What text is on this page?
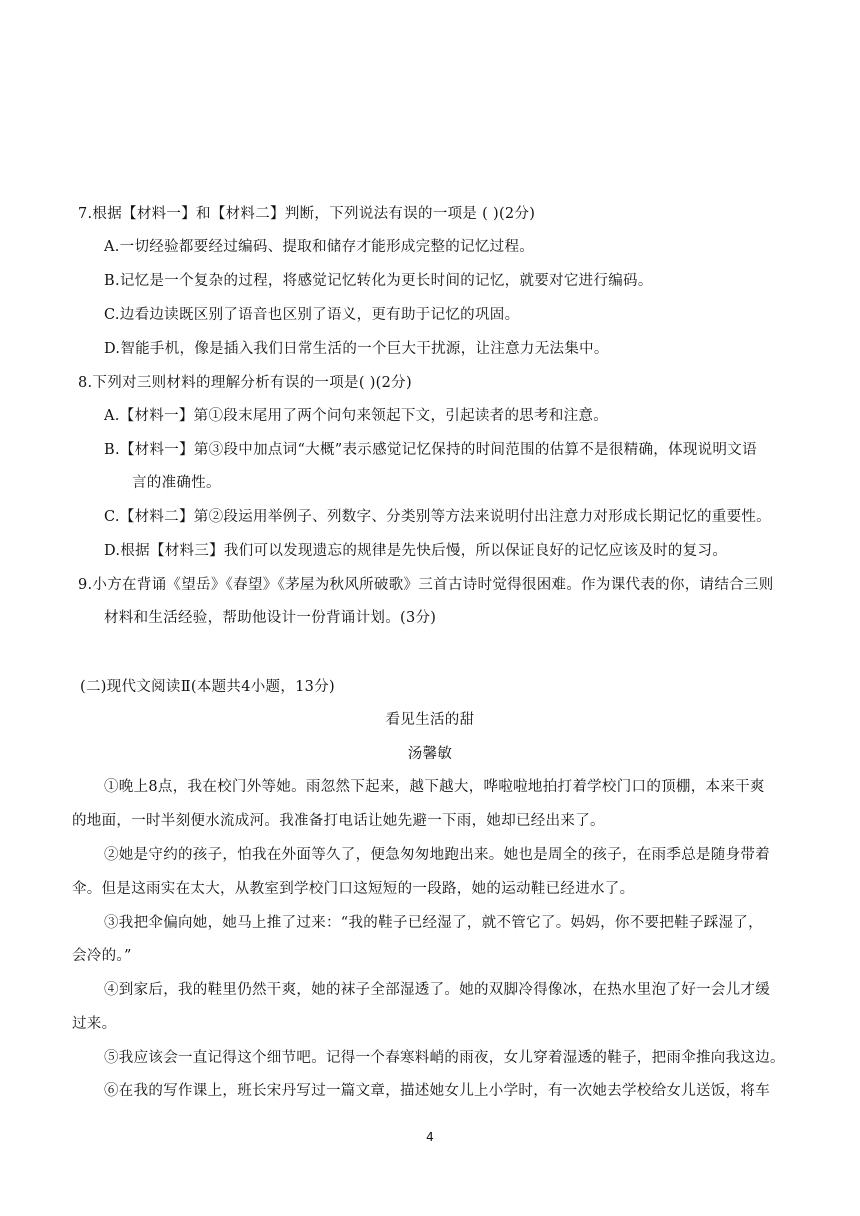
7.根据【材料一】和【材料二】判断，下列说法有误的一项是 ( )(2分)
A.一切经验都要经过编码、提取和储存才能形成完整的记忆过程。
B.记忆是一个复杂的过程，将感觉记忆转化为更长时间的记忆，就要对它进行编码。
C.边看边读既区别了语音也区别了语义，更有助于记忆的巩固。
D.智能手机，像是插入我们日常生活的一个巨大干扰源，让注意力无法集中。
8.下列对三则材料的理解分析有误的一项是( )(2分)
A.【材料一】第①段末尾用了两个问句来领起下文，引起读者的思考和注意。
B.【材料一】第③段中加点词“大概”表示感觉记忆保持的时间范围的估算不是很精确，体现说明文语
言的准确性。
C.【材料二】第②段运用举例子、列数字、分类别等方法来说明付出注意力对形成长期记忆的重要性。
D.根据【材料三】我们可以发现遗忘的规律是先快后慢，所以保证良好的记忆应该及时的复习。
9.小方在背诵《望岳》《春望》《茅屋为秋风所破歌》三首古诗时觉得很困难。作为课代表的你，请结合三则
材料和生活经验，帮助他设计一份背诵计划。(3分)
(二)现代文阅读Ⅱ(本题共4小题，13分)
看见生活的甜
汤馨敏
①晚上8点，我在校门外等她。雨忽然下起来，越下越大，哗啦啦地拍打着学校门口的顶棚，本来干爽
的地面，一时半刻便水流成河。我准备打电话让她先避一下雨，她却已经出来了。
②她是守约的孩子，怕我在外面等久了，便急匆匆地跑出来。她也是周全的孩子，在雨季总是随身带着
伞。但是这雨实在太大，从教室到学校门口这短短的一段路，她的运动鞋已经进水了。
③我把伞偏向她，她马上推了过来：“我的鞋子已经湿了，就不管它了。妈妈，你不要把鞋子踩湿了，
会冷的。”
④到家后，我的鞋里仍然干爽，她的袜子全部湿透了。她的双脚冷得像冰，在热水里泡了好一会儿才缓
过来。
⑤我应该会一直记得这个细节吧。记得一个春寒料峭的雨夜，女儿穿着湿透的鞋子，把雨伞推向我这边。
⑥在我的写作课上，班长宋丹写过一篇文章，描述她女儿上小学时，有一次她去学校给女儿送饭，将车
4
